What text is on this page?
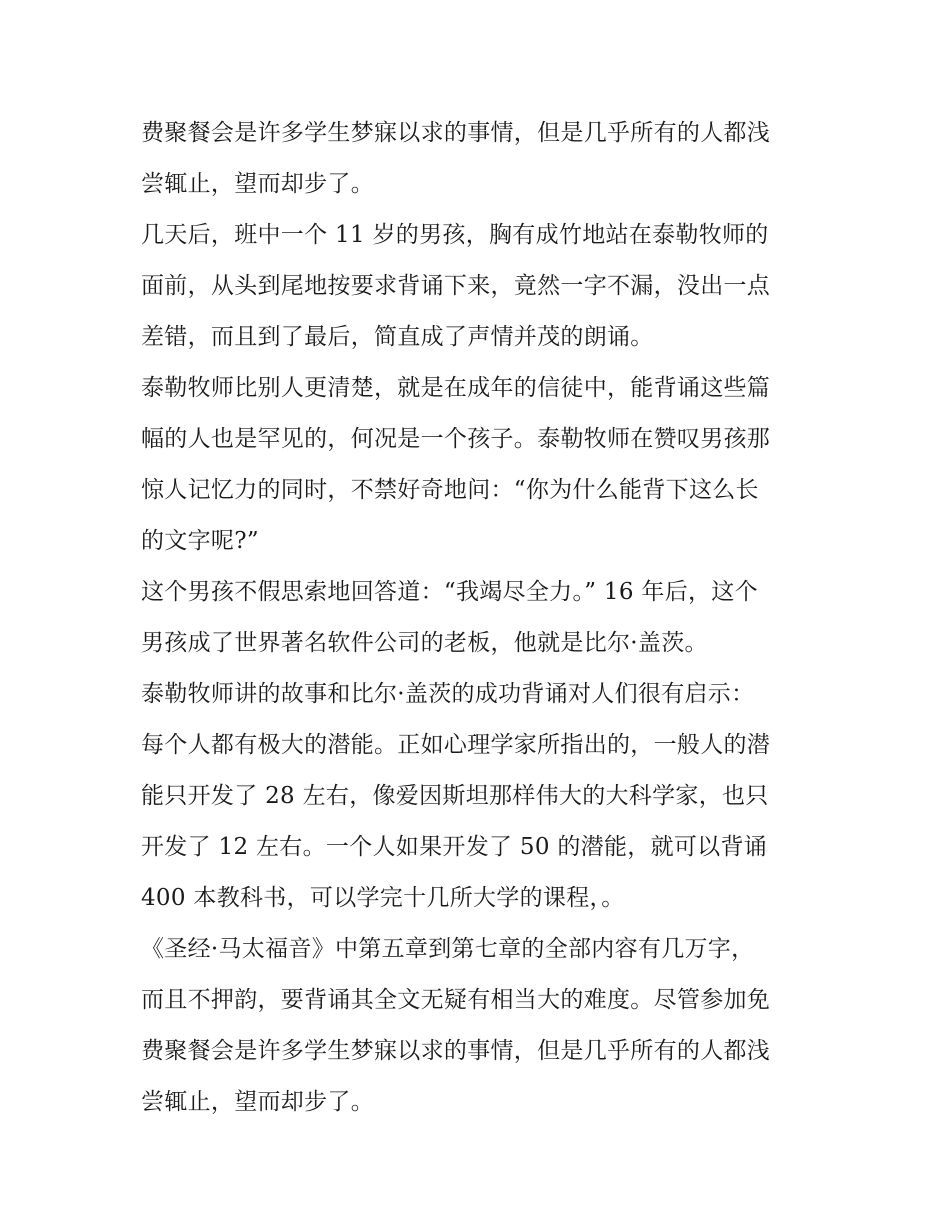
费聚餐会是许多学生梦寐以求的事情，但是几乎所有的人都浅
尝辄止，望而却步了。
几天后，班中一个 11 岁的男孩，胸有成竹地站在泰勒牧师的
面前，从头到尾地按要求背诵下来，竟然一字不漏，没出一点
差错，而且到了最后，简直成了声情并茂的朗诵。
泰勒牧师比别人更清楚，就是在成年的信徒中，能背诵这些篇
幅的人也是罕见的，何况是一个孩子。泰勒牧师在赞叹男孩那
惊人记忆力的同时，不禁好奇地问：“你为什么能背下这么长
的文字呢?”
这个男孩不假思索地回答道：“我竭尽全力。” 16 年后，这个
男孩成了世界著名软件公司的老板，他就是比尔·盖茨。
泰勒牧师讲的故事和比尔·盖茨的成功背诵对人们很有启示：
每个人都有极大的潜能。正如心理学家所指出的，一般人的潜
能只开发了 28 左右，像爱因斯坦那样伟大的大科学家，也只
开发了 12 左右。一个人如果开发了 50 的潜能，就可以背诵
400 本教科书，可以学完十几所大学的课程，。
《圣经·马太福音》中第五章到第七章的全部内容有几万字，
而且不押韵，要背诵其全文无疑有相当大的难度。尽管参加免
费聚餐会是许多学生梦寐以求的事情，但是几乎所有的人都浅
尝辄止，望而却步了。
